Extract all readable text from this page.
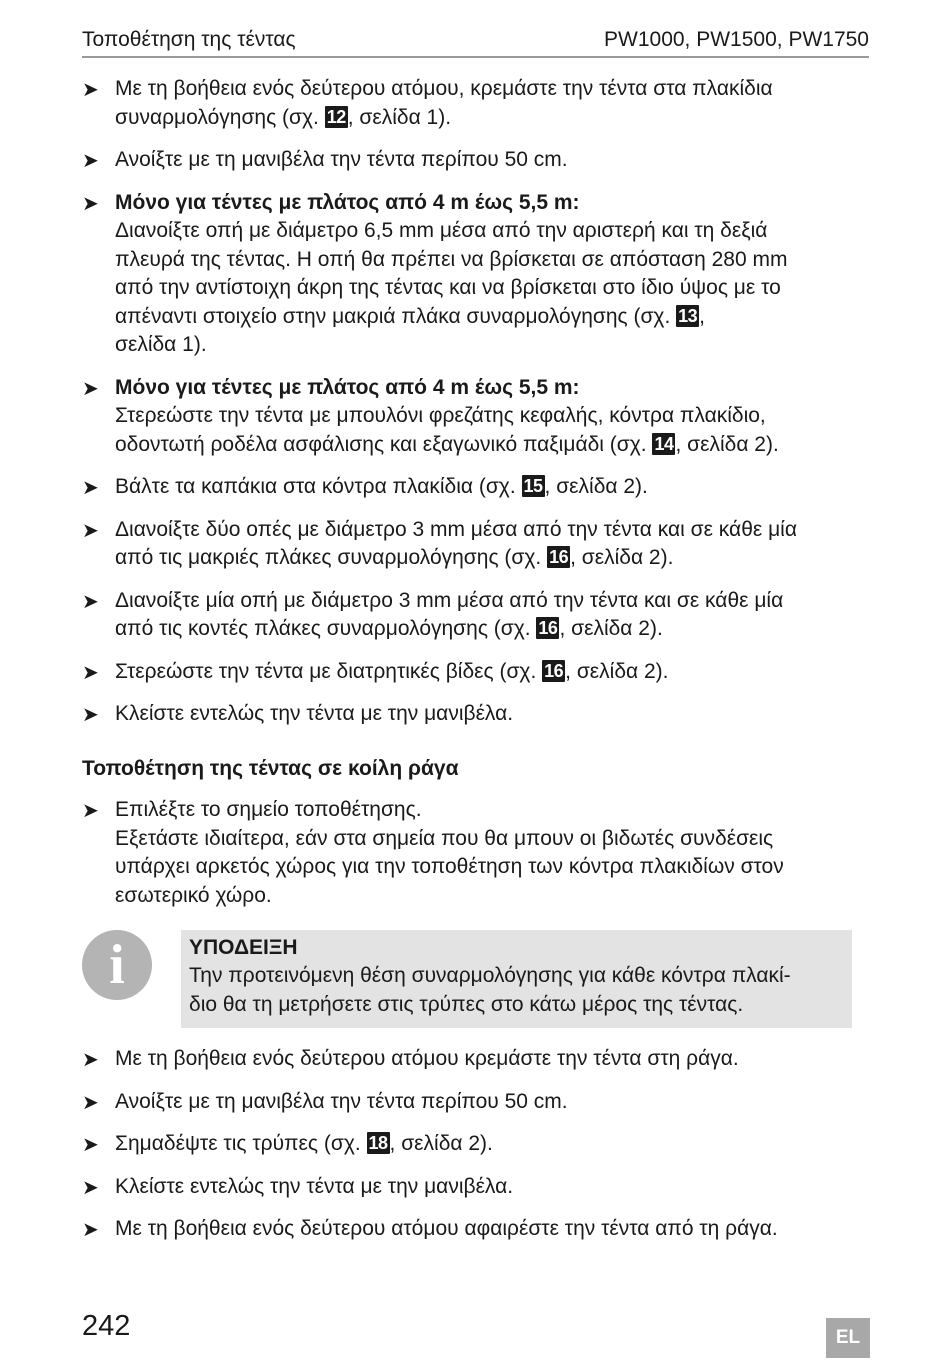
Τοποθέτηση της τέντας	PW1000, PW1500, PW1750
➤ Με τη βοήθεια ενός δεύτερου ατόμου, κρεμάστε την τέντα στα πλακίδια

συναρμολόγησης (σχ. 12, σελίδα 1).

➤ Ανοίξτε με τη μανιβέλα την τέντα περίπου 50 cm.

➤ Μόνο για τέντες με πλάτος από 4 m έως 5,5 m:

Διανοίξτε οπή με διάμετρο 6,5 mm μέσα από την αριστερή και τη δεξιά

πλευρά της τέντας. Η οπή θα πρέπει να βρίσκεται σε απόσταση 280 mm

από την αντίστοιχη άκρη της τέντας και να βρίσκεται στο ίδιο ύψος με το

απέναντι στοιχείο στην μακριά πλάκα συναρμολόγησης (σχ. 13,

σελίδα 1).

➤ Μόνο για τέντες με πλάτος από 4 m έως 5,5 m:

Στερεώστε την τέντα με μπουλόνι φρεζάτης κεφαλής, κόντρα πλακίδιο,

οδοντωτή ροδέλα ασφάλισης και εξαγωνικό παξιμάδι (σχ. 14, σελίδα 2).

➤ Βάλτε τα καπάκια στα κόντρα πλακίδια (σχ. 15, σελίδα 2).

➤ Διανοίξτε δύο οπές με διάμετρο 3 mm μέσα από την τέντα και σε κάθε μία

από τις μακριές πλάκες συναρμολόγησης (σχ. 16, σελίδα 2).

➤ Διανοίξτε μία οπή με διάμετρο 3 mm μέσα από την τέντα και σε κάθε μία

από τις κοντές πλάκες συναρμολόγησης (σχ. 16, σελίδα 2).

➤ Στερεώστε την τέντα με διατρητικές βίδες (σχ. 16, σελίδα 2).

➤ Κλείστε εντελώς την τέντα με την μανιβέλα.

Τοποθέτηση της τέντας σε κοίλη ράγα
➤ Επιλέξτε το σημείο τοποθέτησης.

Εξετάστε ιδιαίτερα, εάν στα σημεία που θα μπουν οι βιδωτές συνδέσεις

υπάρχει αρκετός χώρος για την τοποθέτηση των κόντρα πλακιδίων στον

εσωτερικό χώρο.

i	ΥΠΟΔΕΙΞΗ

Την προτεινόμενη θέση συναρμολόγησης για κάθε κόντρα πλακί-

διο θα τη μετρήσετε στις τρύπες στο κάτω μέρος της τέντας.

➤ Με τη βοήθεια ενός δεύτερου ατόμου κρεμάστε την τέντα στη ράγα.

➤ Ανοίξτε με τη μανιβέλα την τέντα περίπου 50 cm.

➤ Σημαδέψτε τις τρύπες (σχ. 18, σελίδα 2).

➤ Κλείστε εντελώς την τέντα με την μανιβέλα.

➤ Με τη βοήθεια ενός δεύτερου ατόμου αφαιρέστε την τέντα από τη ράγα.

242	EL
